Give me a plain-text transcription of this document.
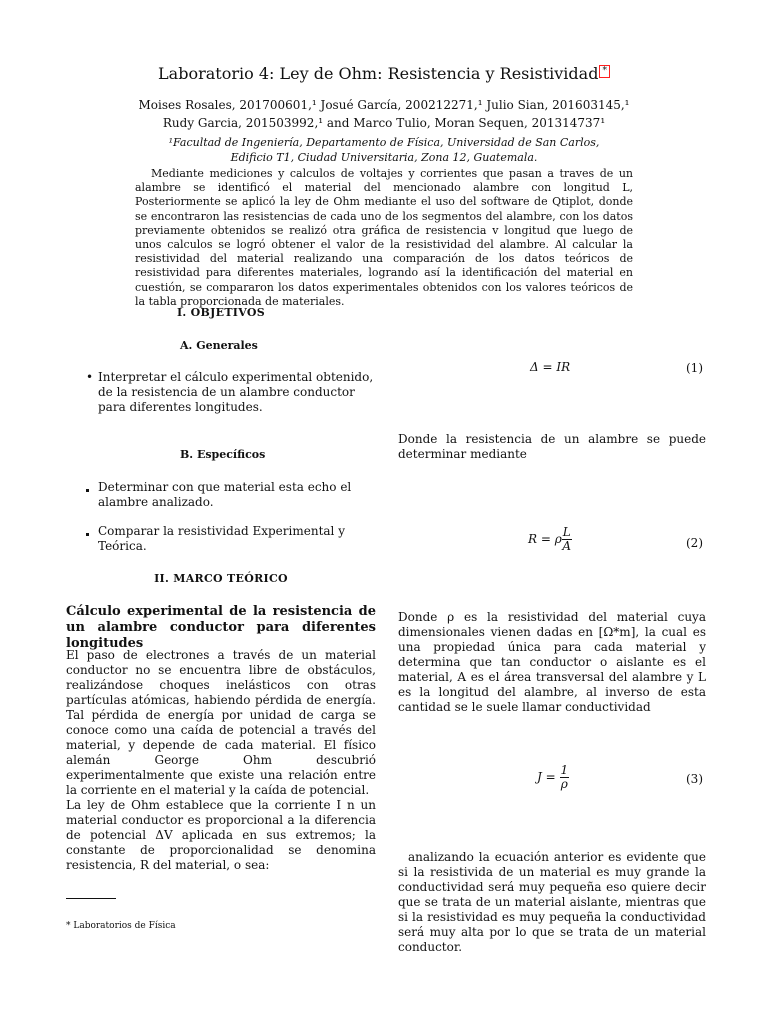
Laboratorio 4: Ley de Ohm: Resistencia y Resistividad *
Moises Rosales, 201700601,¹ Josué García, 200212271,¹ Julio Sian, 201603145,¹
Rudy Garcia, 201503992,¹ and Marco Tulio, Moran Sequen, 201314737¹
¹Facultad de Ingeniería, Departamento de Física, Universidad de San Carlos,
Edificio T1, Ciudad Universitaria, Zona 12, Guatemala.
Mediante mediciones y calculos de voltajes y corrientes que pasan a traves de un alambre se identificó el material del mencionado alambre con longitud L, Posteriormente se aplicó la ley de Ohm mediante el uso del software de Qtiplot, donde se encontraron las resistencias de cada uno de los segmentos del alambre, con los datos previamente obtenidos se realizó otra gráfica de resistencia v longitud que luego de unos calculos se logró obtener el valor de la resistividad del alambre. Al calcular la resistividad del material realizando una comparación de los datos teóricos de resistividad para diferentes materiales, logrando así la identificación del material en cuestión, se compararon los datos experimentales obtenidos con los valores teóricos de la tabla proporcionada de materiales.
I. OBJETIVOS
A. Generales
• Interpretar el cálculo experimental obtenido, de la resistencia de un alambre conductor para diferentes longitudes.
B. Específicos
Determinar con que material esta echo el alambre analizado.
Comparar la resistividad Experimental y Teórica.
II. MARCO TEÓRICO
Cálculo experimental de la resistencia de un alambre conductor para diferentes longitudes
El paso de electrones a través de un material conductor no se encuentra libre de obstáculos, realizándose choques inelásticos con otras partículas atómicas, habiendo pérdida de energía. Tal pérdida de energía por unidad de carga se conoce como una caída de potencial a través del material, y depende de cada material. El físico alemán George Ohm descubrió experimentalmente que existe una relación entre la corriente en el material y la caída de potencial.
La ley de Ohm establece que la corriente I n un material conductor es proporcional a la diferencia de potencial ΔV aplicada en sus extremos; la constante de proporcionalidad se denomina resistencia, R del material, o sea:
* Laboratorios de Física
Δ = IR	(1)
Donde la resistencia de un alambre se puede determinar mediante
R = ρ $\frac{L}{A}$	(2)
Donde ρ es la resistividad del material cuya dimensionales vienen dadas en [Ω*m], la cual es una propiedad única para cada material y determina que tan conductor o aislante es el material, A es el área transversal del alambre y L es la longitud del alambre, al inverso de esta cantidad se le suele llamar conductividad
$J = \frac{1}{\rho}$	(3)
analizando la ecuación anterior es evidente que si la resistivida de un material es muy grande la conductividad será muy pequeña eso quiere decir que se trata de un material aislante, mientras que si la resistividad es muy pequeña la conductividad será muy alta por lo que se trata de un material conductor.
